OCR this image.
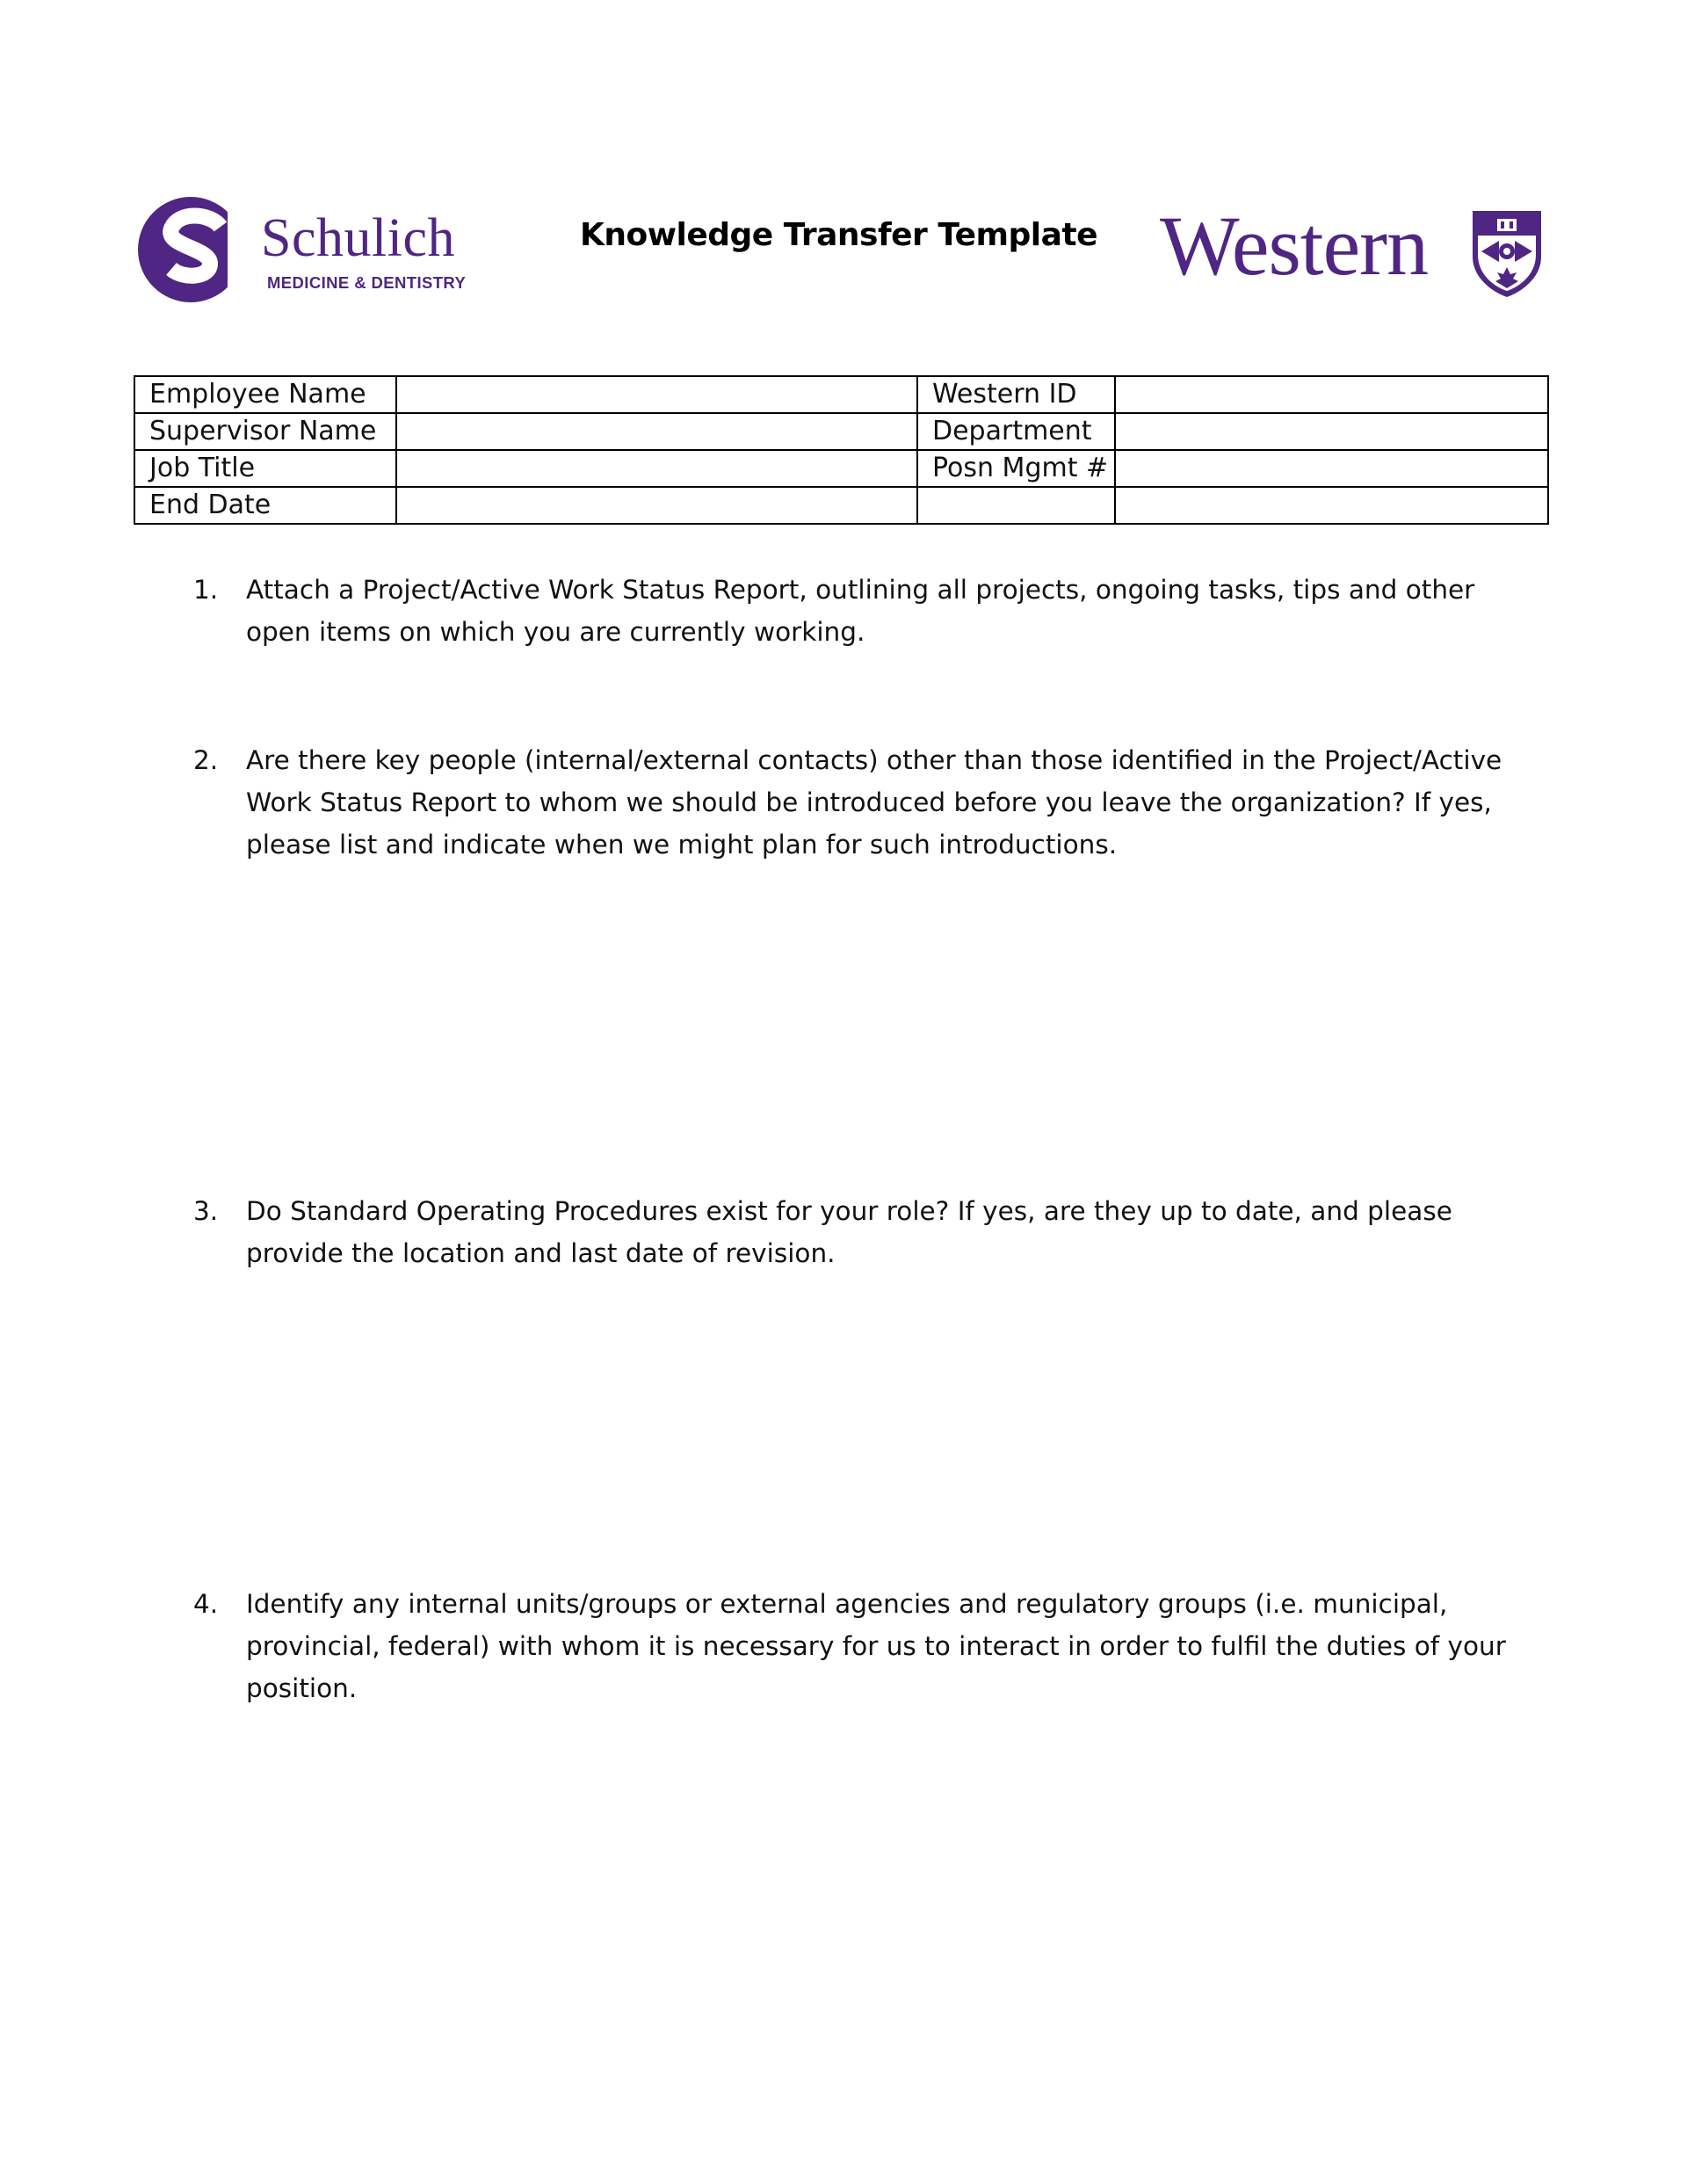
Schulich
MEDICINE & DENTISTRY
Knowledge Transfer Template Western
Employee Name		Western ID	
Supervisor Name		Department	
Job Title		Posn Mgmt #	
End Date			
1.	Attach a Project/Active Work Status Report, outlining all projects, ongoing tasks, tips and other open items on which you are currently working.
2.	Are there key people (internal/external contacts) other than those identified in the Project/Active Work Status Report to whom we should be introduced before you leave the organization? If yes, please list and indicate when we might plan for such introductions.
3.	Do Standard Operating Procedures exist for your role? If yes, are they up to date, and please provide the location and last date of revision.
4.	Identify any internal units/groups or external agencies and regulatory groups (i.e. municipal, provincial, federal) with whom it is necessary for us to interact in order to fulfil the duties of your position.
